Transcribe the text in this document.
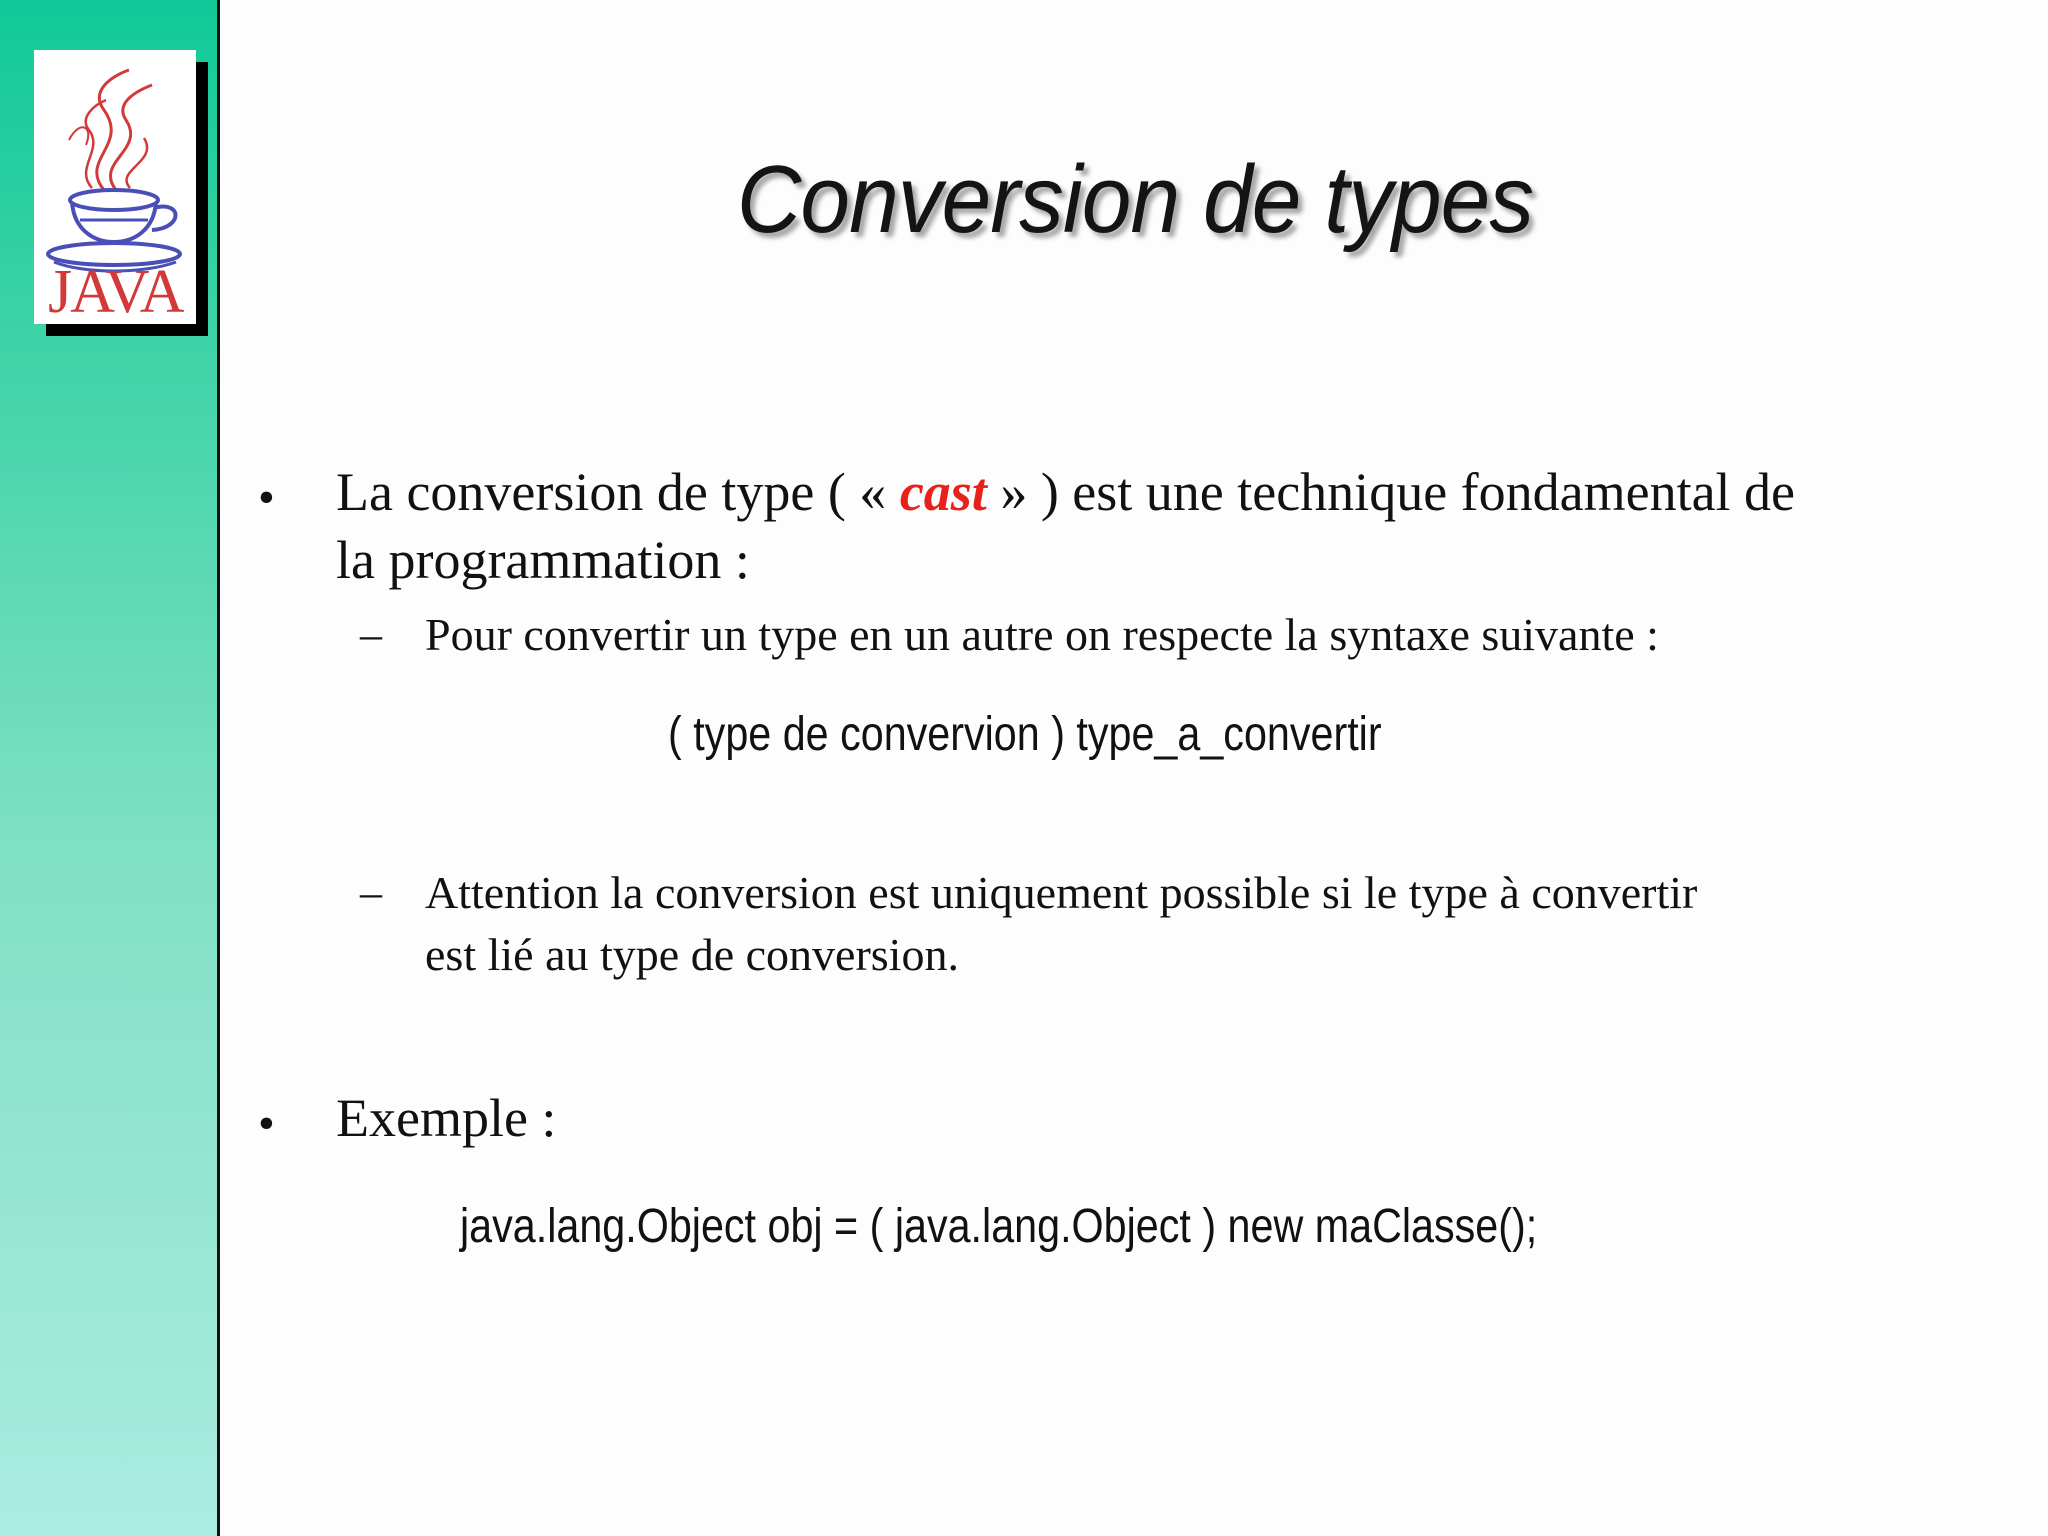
JAVA
Conversion de types
• La conversion de type ( « cast » ) est une technique fondamental de
la programmation :
– Pour convertir un type en un autre on respecte la syntaxe suivante :
( type de convervion ) type_a_convertir
– Attention la conversion est uniquement possible si le type à convertir
est lié au type de conversion.
• Exemple :
java.lang.Object obj = ( java.lang.Object ) new maClasse();
